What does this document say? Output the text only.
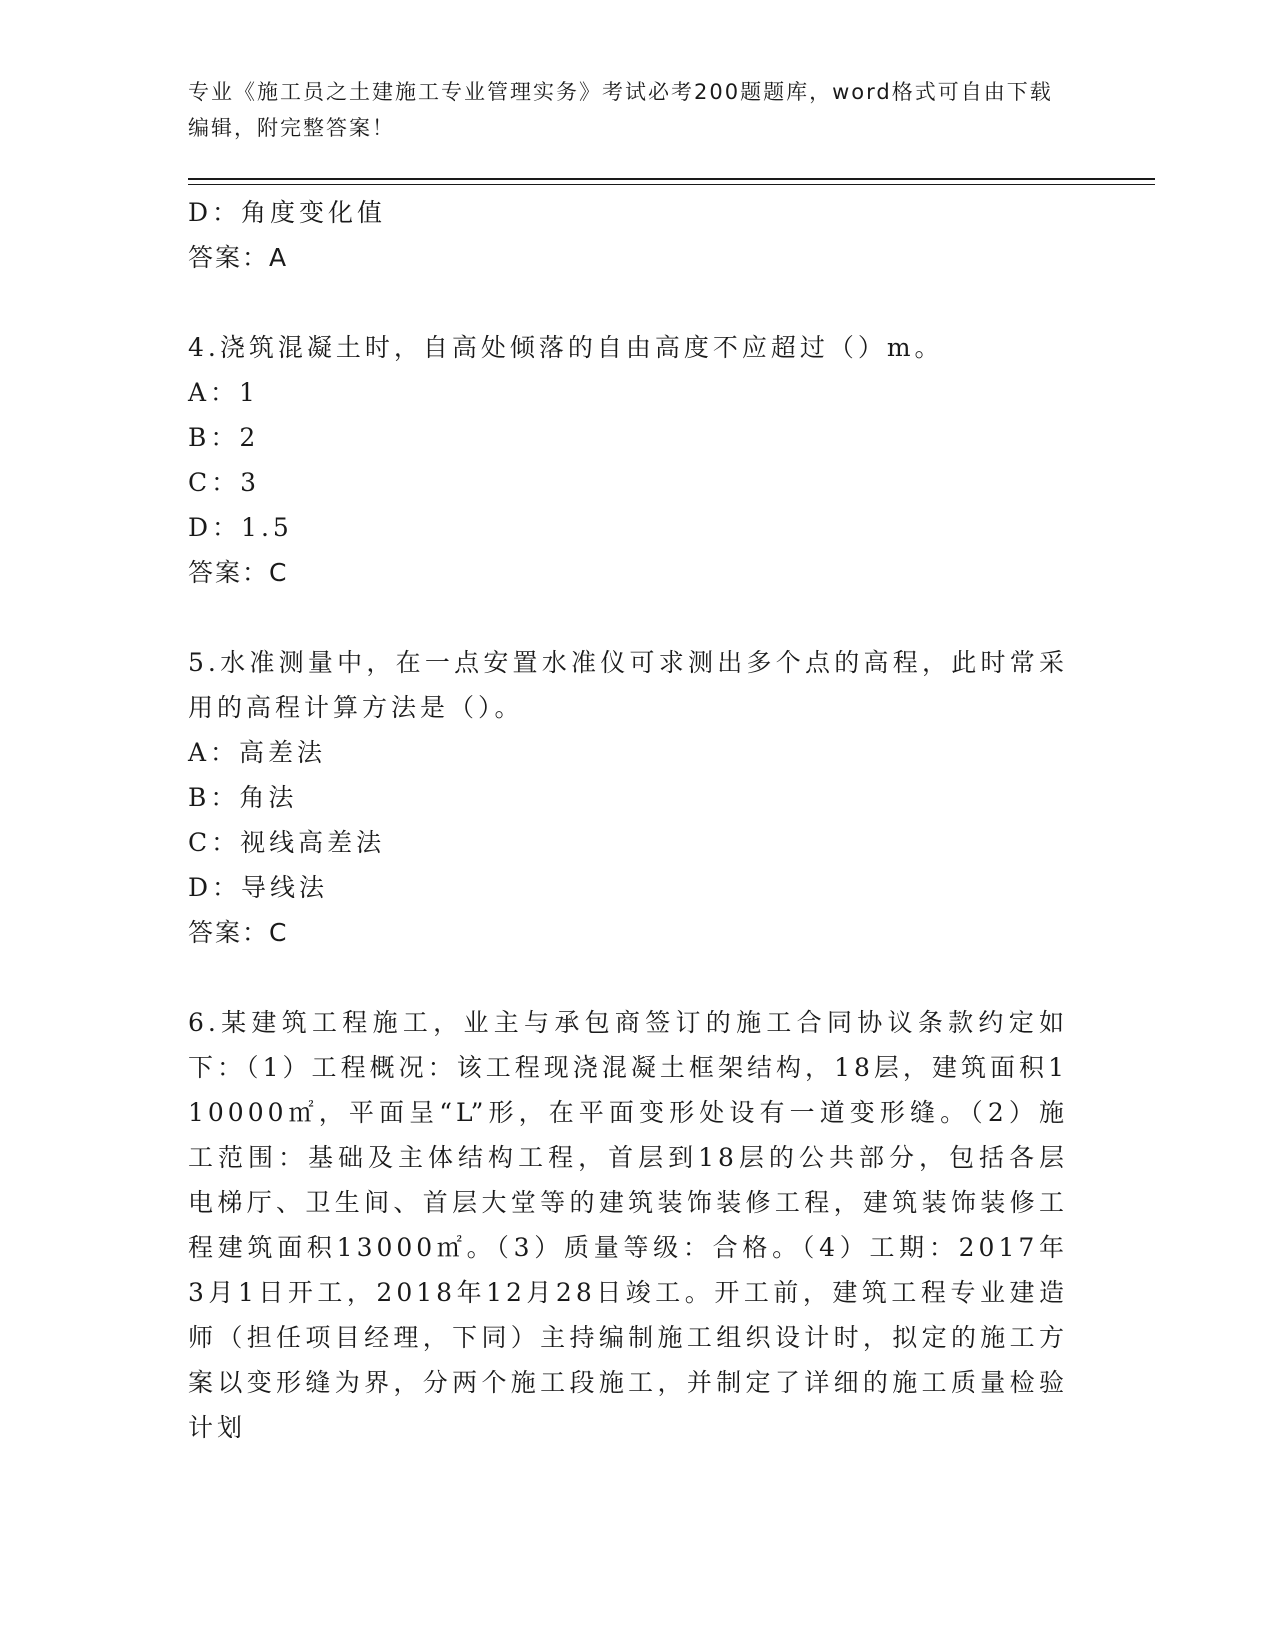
专业《施工员之土建施工专业管理实务》考试必考200题题库，word格式可自由下载编辑，附完整答案！
D：角度变化值
答案：A
4.浇筑混凝土时，自高处倾落的自由高度不应超过（）m。
A：1
B：2
C：3
D：1.5
答案：C
5.水准测量中，在一点安置水准仪可求测出多个点的高程，此时常采用的高程计算方法是（）。
A：高差法
B：角法
C：视线高差法
D：导线法
答案：C
6.某建筑工程施工，业主与承包商签订的施工合同协议条款约定如下：（1）工程概况：该工程现浇混凝土框架结构，18层，建筑面积110000㎡，平面呈“L”形，在平面变形处设有一道变形缝。（2）施工范围：基础及主体结构工程，首层到18层的公共部分，包括各层电梯厅、卫生间、首层大堂等的建筑装饰装修工程，建筑装饰装修工程建筑面积13000㎡。（3）质量等级：合格。（4）工期：2017年3月1日开工，2018年12月28日竣工。开工前，建筑工程专业建造师（担任项目经理，下同）主持编制施工组织设计时，拟定的施工方案以变形缝为界，分两个施工段施工，并制定了详细的施工质量检验计划
